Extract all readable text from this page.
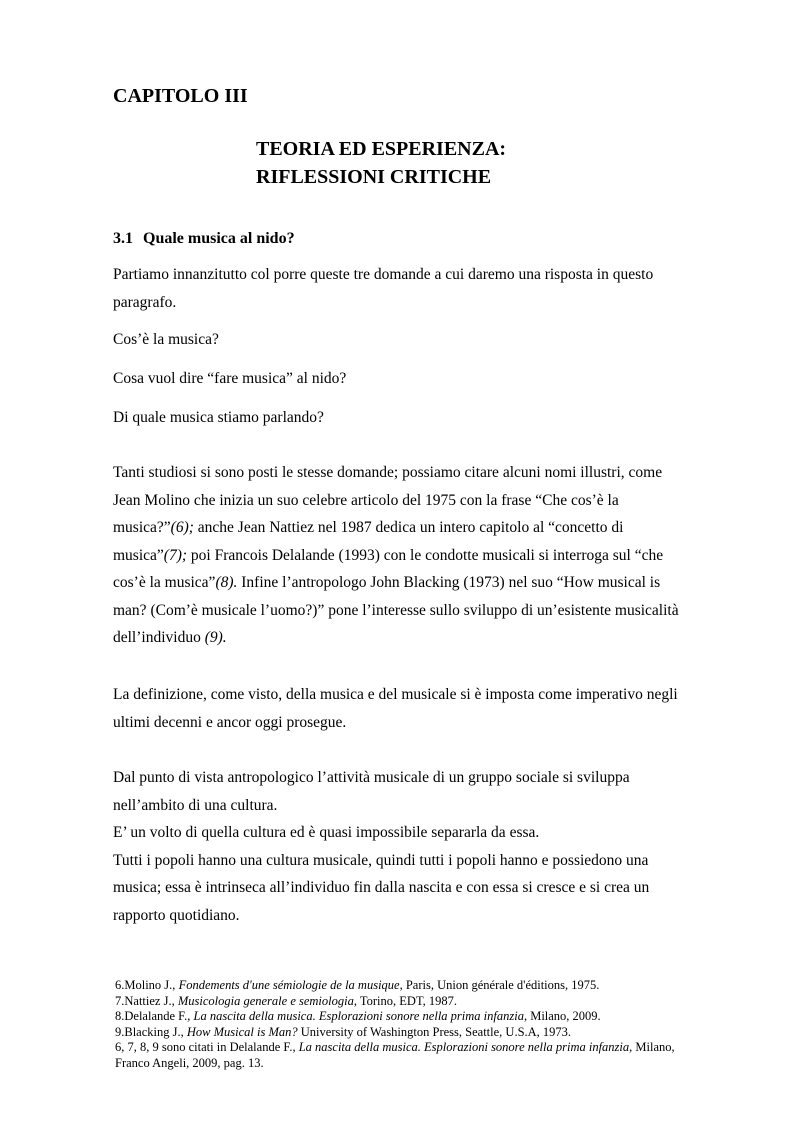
CAPITOLO III
TEORIA ED ESPERIENZA:
RIFLESSIONI CRITICHE
3.1 Quale musica al nido?

Partiamo innanzitutto col porre queste tre domande a cui daremo una risposta in questo paragrafo.

Cos’è la musica?

Cosa vuol dire “fare musica” al nido?

Di quale musica stiamo parlando?

Tanti studiosi si sono posti le stesse domande; possiamo citare alcuni nomi illustri, come Jean Molino che inizia un suo celebre articolo del 1975 con la frase “Che cos’è la musica?”(6); anche Jean Nattiez nel 1987 dedica un intero capitolo al “concetto di musica”(7); poi Francois Delalande (1993) con le condotte musicali si interroga sul “che cos’è la musica”(8). Infine l’antropologo John Blacking (1973) nel suo “How musical is man? (Com’è musicale l’uomo?)” pone l’interesse sullo sviluppo di un’esistente musicalità dell’individuo (9).

La definizione, come visto, della musica e del musicale si è imposta come imperativo negli ultimi decenni e ancor oggi prosegue.

Dal punto di vista antropologico l’attività musicale di un gruppo sociale si sviluppa nell’ambito di una cultura.
E’ un volto di quella cultura ed è quasi impossibile separarla da essa.
Tutti i popoli hanno una cultura musicale, quindi tutti i popoli hanno e possiedono una musica; essa è intrinseca all’individuo fin dalla nascita e con essa si cresce e si crea un rapporto quotidiano.
6.Molino J., Fondements d'une sémiologie de la musique, Paris, Union générale d'éditions, 1975.
7.Nattiez J., Musicologia generale e semiologia, Torino, EDT, 1987.
8.Delalande F., La nascita della musica. Esplorazioni sonore nella prima infanzia, Milano, 2009.
9.Blacking J., How Musical is Man? University of Washington Press, Seattle, U.S.A, 1973.
6, 7, 8, 9 sono citati in Delalande F., La nascita della musica. Esplorazioni sonore nella prima infanzia, Milano, Franco Angeli, 2009, pag. 13.
